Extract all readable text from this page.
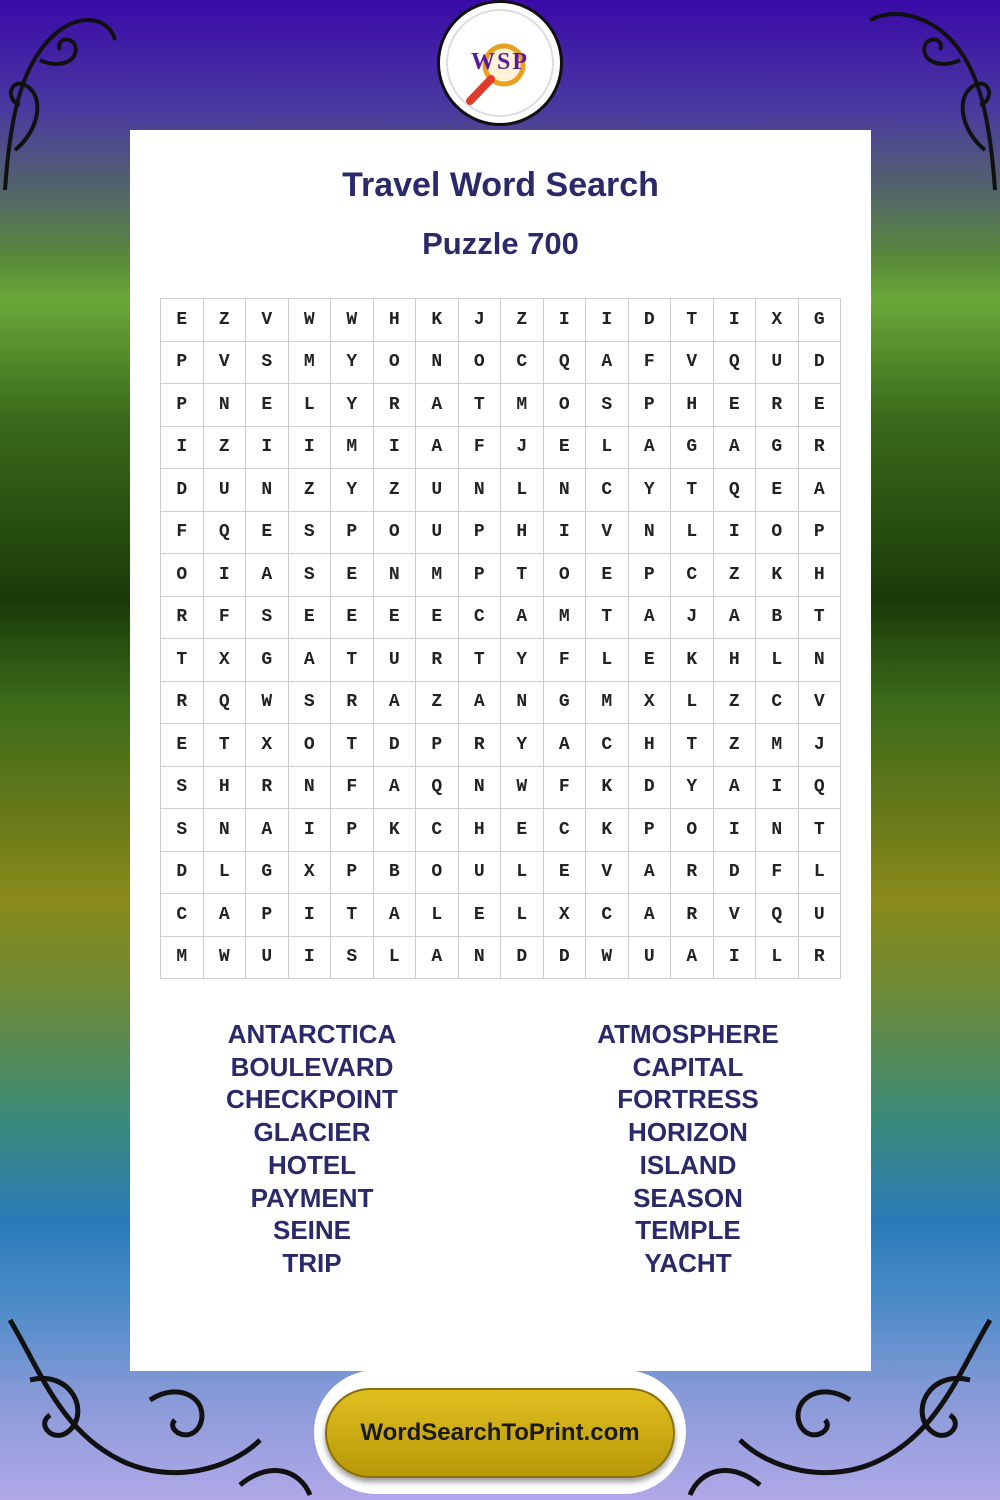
WSP
Travel Word Search
Puzzle 700
E	Z	V	W	W	H	K	J	Z	I	I	D	T	I	X	G
P	V	S	M	Y	O	N	O	C	Q	A	F	V	Q	U	D
P	N	E	L	Y	R	A	T	M	O	S	P	H	E	R	E
I	Z	I	I	M	I	A	F	J	E	L	A	G	A	G	R
D	U	N	Z	Y	Z	U	N	L	N	C	Y	T	Q	E	A
F	Q	E	S	P	O	U	P	H	I	V	N	L	I	O	P
O	I	A	S	E	N	M	P	T	O	E	P	C	Z	K	H
R	F	S	E	E	E	E	C	A	M	T	A	J	A	B	T
T	X	G	A	T	U	R	T	Y	F	L	E	K	H	L	N
R	Q	W	S	R	A	Z	A	N	G	M	X	L	Z	C	V
E	T	X	O	T	D	P	R	Y	A	C	H	T	Z	M	J
S	H	R	N	F	A	Q	N	W	F	K	D	Y	A	I	Q
S	N	A	I	P	K	C	H	E	C	K	P	O	I	N	T
D	L	G	X	P	B	O	U	L	E	V	A	R	D	F	L
C	A	P	I	T	A	L	E	L	X	C	A	R	V	Q	U
M	W	U	I	S	L	A	N	D	D	W	U	A	I	L	R
ANTARCTICA
BOULEVARD
CHECKPOINT
GLACIER
HOTEL
PAYMENT
SEINE
TRIP
ATMOSPHERE
CAPITAL
FORTRESS
HORIZON
ISLAND
SEASON
TEMPLE
YACHT
WordSearchToPrint.com
